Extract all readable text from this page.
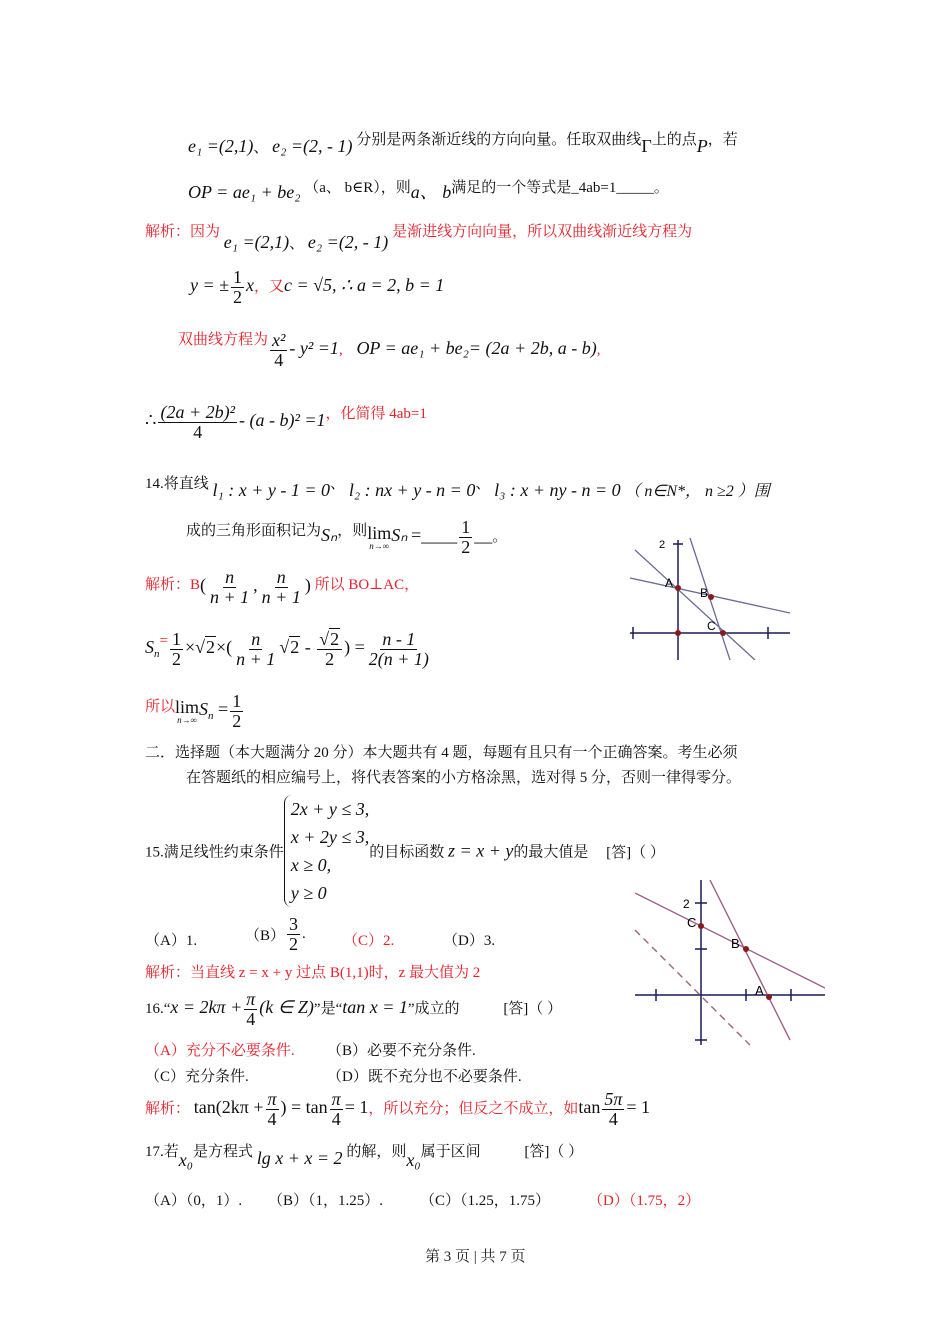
e₁ =(2,1)、 e₂ =(2, - 1) 分别是两条渐近线的方向向量。任取双曲线Γ上的点P，若
OP = ae₁ + be₂ （a、 b∈R），则a、 b满足的一个等式是_4ab=1_____。
解析：因为 e₁ =(2,1)、 e₂ =(2, - 1) 是渐进线方向向量，所以双曲线渐近线方程为
y = ± $\frac{1}{2}$ x，又c = √5, ∴ a = 2, b = 1
双曲线方程为 $\frac{\text{x²}}{4} - y^2 =1$, OP = ae₁ + be₂= (2a + 2b, a - b),
∴ $\frac{\text{(2a + 2b)²}}{4} - (a - b)^2 =1$，化简得 4ab=1
14.将直线 l₁ : x + y - 1 = 0、 l₂ : nx + y - n = 0、 l₃ : x + ny - n = 0 （ n∈N*， n ≥2 ）围
成的三角形面积记为Sₙ，则 lim
n→∞
Sₙ =____ $\frac{1}{2}$ __。
2
A
B
C
解析：$B( \frac{n}{n + 1}$ , $\frac{n}{n + 1}$ ) 所以 BO⊥AC，
$S_n= \frac{1}{2} \times√2\times( \frac{n}{n + 1} √2 - \frac{√2}{2}$ ) = $\frac{n - 1}{2(n + 1)}$
所以 lim
n→∞
$S_n = \frac{1}{2}$
二．选择题（本大题满分 20 分）本大题共有 4 题，每题有且只有一个正确答案。考生必须
在答题纸的相应编号上，将代表答案的小方格涂黑，选对得 5 分，否则一律得零分。
15.满足线性约束条件
2x + y ≤ 3,
x + 2y ≤ 3,
x ≥ 0,
y ≥ 0
的目标函数 z = x + y的最大值是 [答]（ ）
2
C
B
A
（A）1.	$(B) \frac{3}{2}$ . （C）2.	（D）3.
解析：当直线 z = x + y 过点 B(1,1)时，z 最大值为 2
16.“x = $2k\pi + \frac{\pi}{4} (k$ ∈ Z)”是“tan x = 1”成立的	[答]（ ）
（A）充分不必要条件. （B）必要不充分条件.
（C）充分条件.	（D）既不充分也不必要条件.
解析： $\tan(2k\pi + \frac{\pi}{4}$ ) = $\tan \frac{\pi}{4} = 1$，所以充分；但反之不成立，如$\tan \frac{5\pi}{4} = 1$
17.若x₀是方程式 lg x + x = 2 的解，则x₀属于区间	[答]（ ）
（A）（0，1）. （B）（1，1.25）. （C）（1.25，1.75）	（D）（1.75，2）
第 3 页 | 共 7 页
